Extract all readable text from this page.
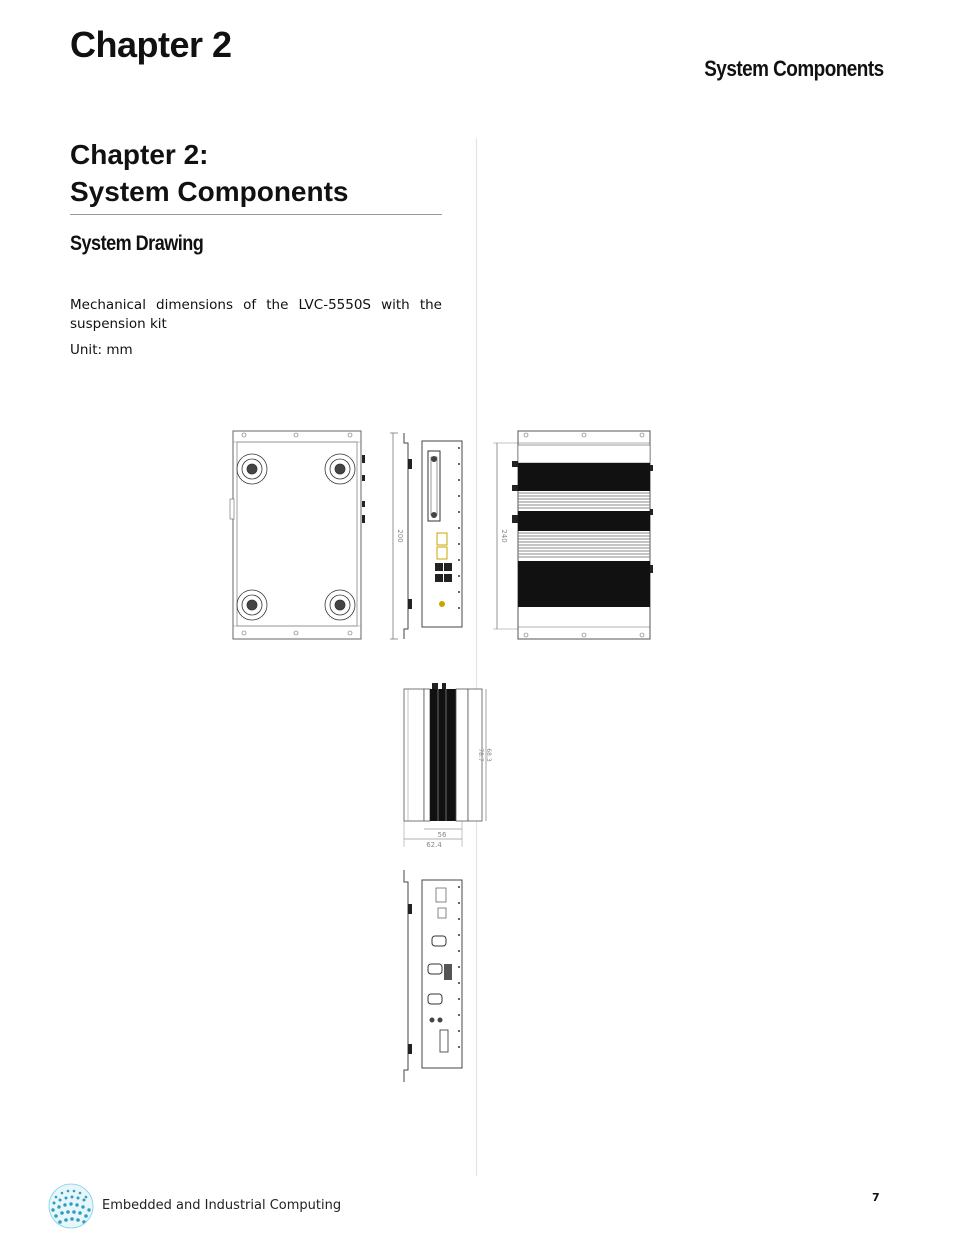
Chapter 2
System Components
Chapter 2:
System Components
System Drawing
Mechanical dimensions of the LVC-5550S with the suspension kit
Unit: mm
200	240
78.7 68.3
56
62.4
Embedded and Industrial Computing
7
